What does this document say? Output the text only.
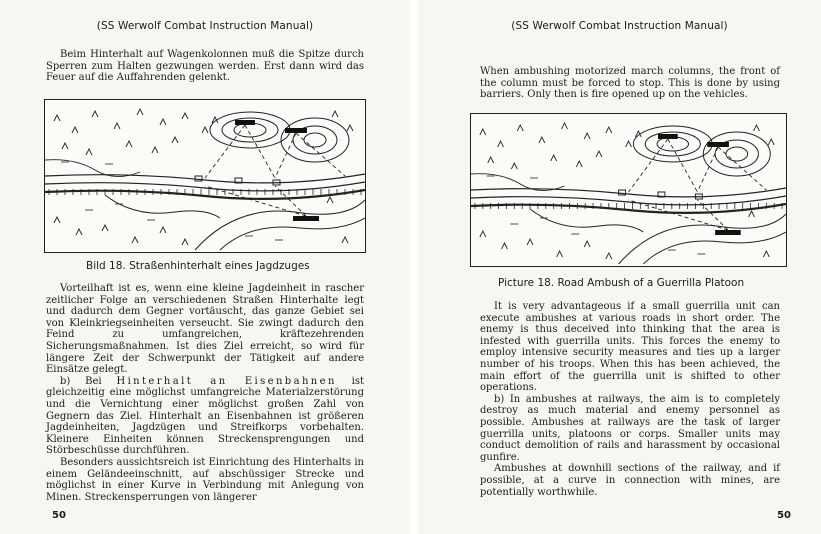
(SS Werwolf Combat Instruction Manual)

Beim Hinterhalt auf Wagenkolonnen muß die Spitze durch Sperren zum Halten gezwungen werden. Erst dann wird das Feuer auf die Auffahrenden gelenkt.

Bild 18. Straßenhinterhalt eines Jagdzuges

Vorteilhaft ist es, wenn eine kleine Jagdeinheit in rascher zeitlicher Folge an verschiedenen Straßen Hinterhalte legt und dadurch dem Gegner vortäuscht, das ganze Gebiet sei von Kleinkriegseinheiten verseucht. Sie zwingt dadurch den Feind zu umfangreichen, kräftezehrenden Sicherungsmaßnahmen. Ist dies Ziel erreicht, so wird für längere Zeit der Schwerpunkt der Tätigkeit auf andere Einsätze gelegt.

b) Bei Hinterhalt an Eisenbahnen ist gleichzeitig eine möglichst umfangreiche Materialzerstörung und die Vernichtung einer möglichst großen Zahl von Gegnern das Ziel. Hinterhalt an Eisenbahnen ist größeren Jagdeinheiten, Jagdzügen und Streifkorps vorbehalten. Kleinere Einheiten können Streckensprengungen und Störbeschüsse durchführen.

Besonders aussichtsreich ist Einrichtung des Hinterhalts in einem Geländeeinschnitt, auf abschüssiger Strecke und möglichst in einer Kurve in Verbindung mit Anlegung von Minen. Streckensperrungen von längerer

50
(SS Werwolf Combat Instruction Manual)

When ambushing motorized march columns, the front of the column must be forced to stop. This is done by using barriers. Only then is fire opened up on the vehicles.

Picture 18. Road Ambush of a Guerrilla Platoon

It is very advantageous if a small guerrilla unit can execute ambushes at various roads in short order. The enemy is thus deceived into thinking that the area is infested with guerrilla units. This forces the enemy to employ intensive security measures and ties up a larger number of his troops. When this has been achieved, the main effort of the guerrilla unit is shifted to other operations.

b) In ambushes at railways, the aim is to completely destroy as much material and enemy personnel as possible. Ambushes at railways are the task of larger guerrilla units, platoons or corps. Smaller units may conduct demolition of rails and harassment by occasional gunfire.

Ambushes at downhill sections of the railway, and if possible, at a curve in connection with mines, are potentially worthwhile.

50
